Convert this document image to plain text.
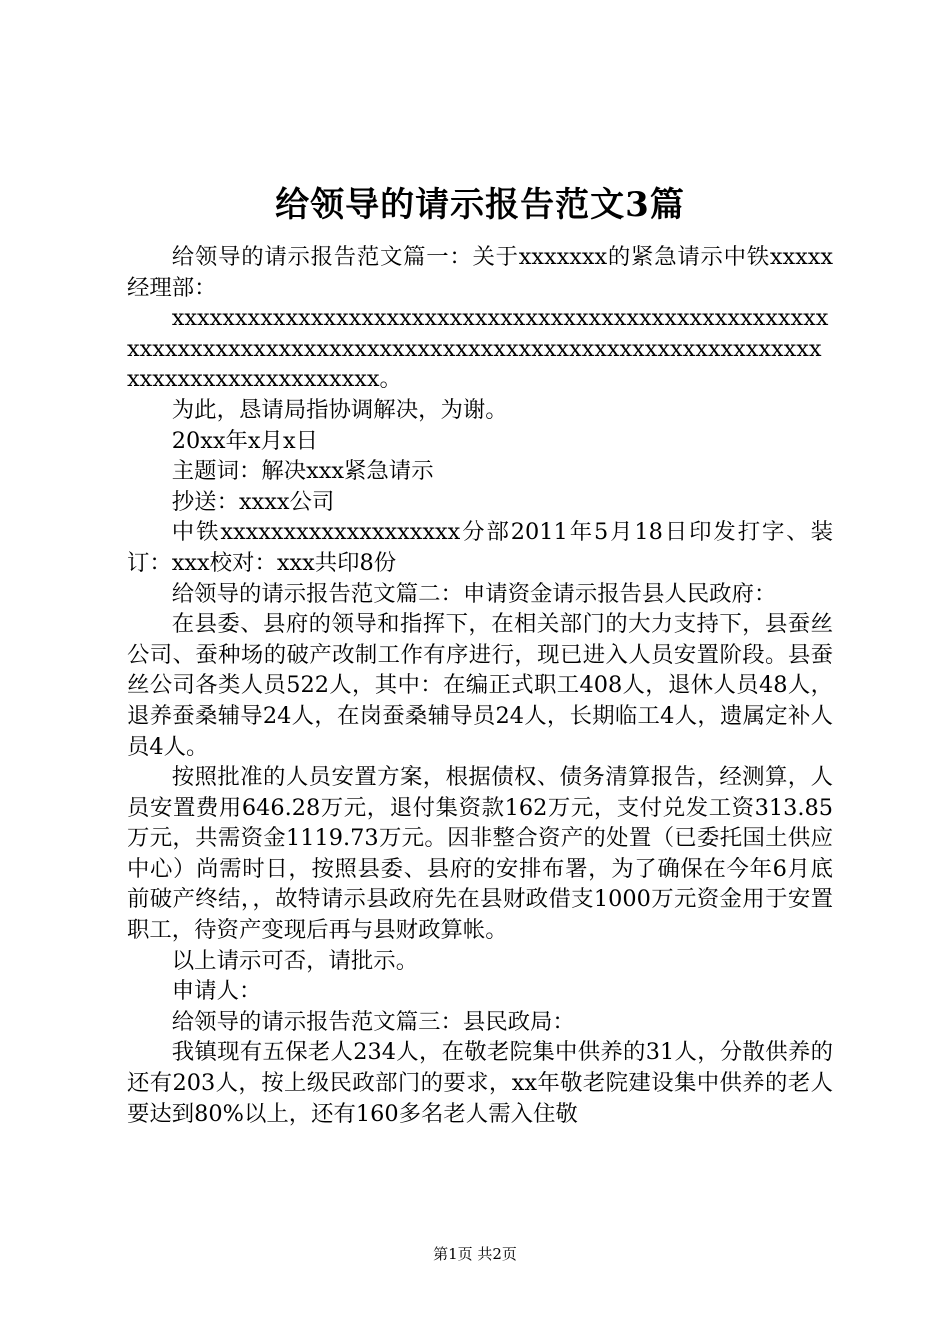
给领导的请示报告范文3篇

给领导的请示报告范文篇一：关于xxxxxxx的紧急请示中铁xxxxx经理部：

xxxxxxxxxxxxxxxxxxxxxxxxxxxxxxxxxxxxxxxxxxxxxxxxxxxxxxxxxxxxxxxxxxxxxxxxxxxxxxxxxxxxxxxxxxxxxxxxxxxxxxxxxxxxxxxxxxxxxxxxxxxxxxx。

为此，恳请局指协调解决，为谢。

20xx年x月x日

主题词：解决xxx紧急请示

抄送：xxxx公司

中铁xxxxxxxxxxxxxxxxxxx分部2011年5月18日印发打字、装订：xxx校对：xxx共印8份

给领导的请示报告范文篇二：申请资金请示报告县人民政府：

在县委、县府的领导和指挥下，在相关部门的大力支持下，县蚕丝公司、蚕种场的破产改制工作有序进行，现已进入人员安置阶段。县蚕丝公司各类人员522人，其中：在编正式职工408人，退休人员48人，退养蚕桑辅导24人，在岗蚕桑辅导员24人，长期临工4人，遗属定补人员4人。

按照批准的人员安置方案，根据债权、债务清算报告，经测算，人员安置费用646.28万元，退付集资款162万元，支付兑发工资313.85万元，共需资金1119.73万元。因非整合资产的处置（已委托国土供应中心）尚需时日，按照县委、县府的安排布署，为了确保在今年6月底前破产终结，，故特请示县政府先在县财政借支1000万元资金用于安置职工，待资产变现后再与县财政算帐。

以上请示可否，请批示。

申请人：

给领导的请示报告范文篇三：县民政局：

我镇现有五保老人234人，在敬老院集中供养的31人，分散供养的还有203人，按上级民政部门的要求，xx年敬老院建设集中供养的老人要达到80%以上，还有160多名老人需入住敬

第1页 共2页
